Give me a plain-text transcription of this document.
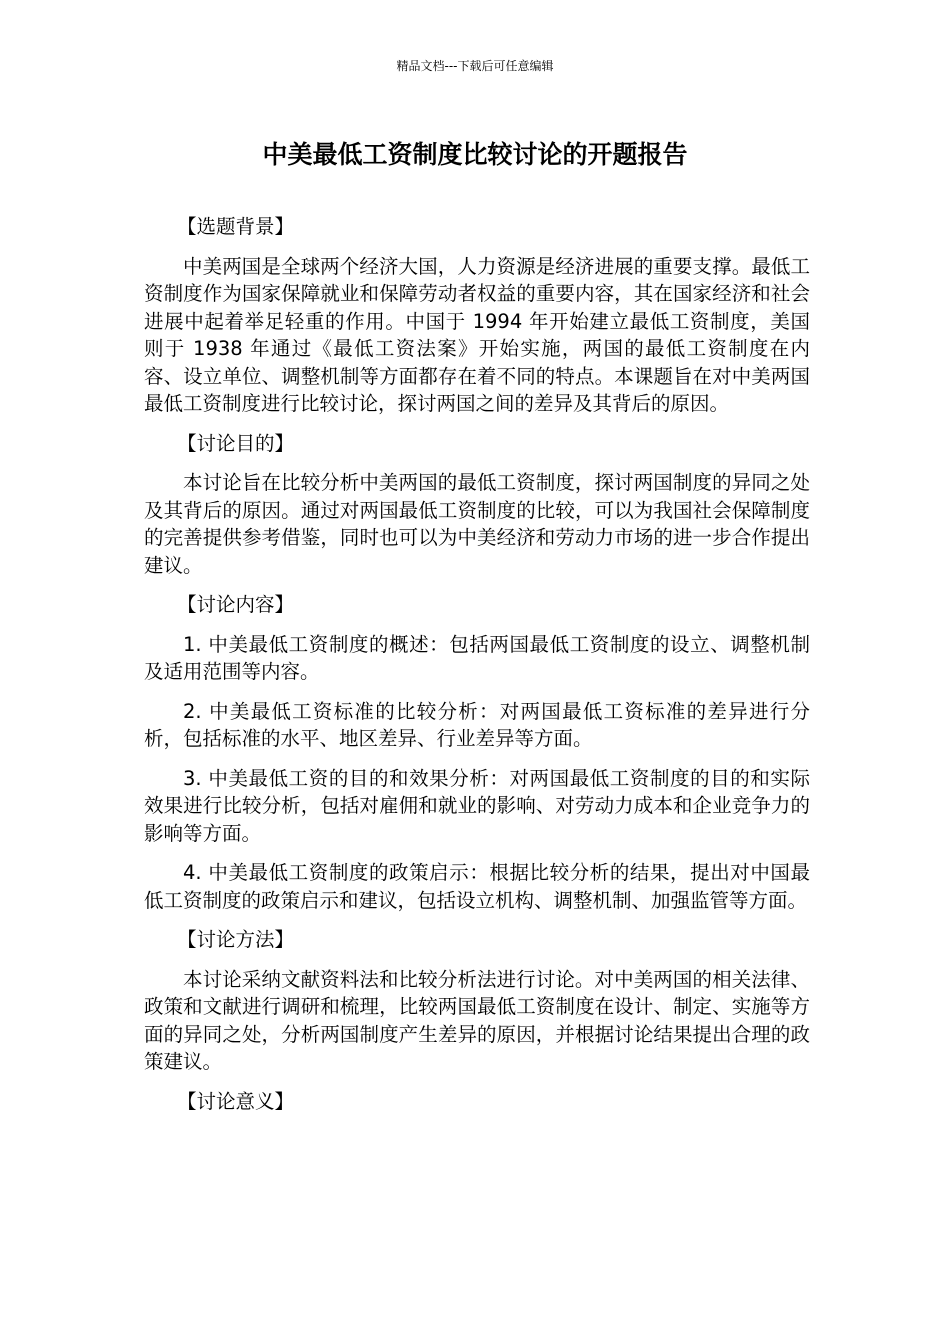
精品文档---下载后可任意编辑
中美最低工资制度比较讨论的开题报告

【选题背景】

中美两国是全球两个经济大国，人力资源是经济进展的重要支撑。最低工资制度作为国家保障就业和保障劳动者权益的重要内容，其在国家经济和社会进展中起着举足轻重的作用。中国于 1994 年开始建立最低工资制度，美国则于 1938 年通过《最低工资法案》开始实施，两国的最低工资制度在内容、设立单位、调整机制等方面都存在着不同的特点。本课题旨在对中美两国最低工资制度进行比较讨论，探讨两国之间的差异及其背后的原因。

【讨论目的】

本讨论旨在比较分析中美两国的最低工资制度，探讨两国制度的异同之处及其背后的原因。通过对两国最低工资制度的比较，可以为我国社会保障制度的完善提供参考借鉴，同时也可以为中美经济和劳动力市场的进一步合作提出建议。

【讨论内容】

1. 中美最低工资制度的概述：包括两国最低工资制度的设立、调整机制及适用范围等内容。

2. 中美最低工资标准的比较分析：对两国最低工资标准的差异进行分析，包括标准的水平、地区差异、行业差异等方面。

3. 中美最低工资的目的和效果分析：对两国最低工资制度的目的和实际效果进行比较分析，包括对雇佣和就业的影响、对劳动力成本和企业竞争力的影响等方面。

4. 中美最低工资制度的政策启示：根据比较分析的结果，提出对中国最低工资制度的政策启示和建议，包括设立机构、调整机制、加强监管等方面。

【讨论方法】

本讨论采纳文献资料法和比较分析法进行讨论。对中美两国的相关法律、政策和文献进行调研和梳理，比较两国最低工资制度在设计、制定、实施等方面的异同之处，分析两国制度产生差异的原因，并根据讨论结果提出合理的政策建议。

【讨论意义】
